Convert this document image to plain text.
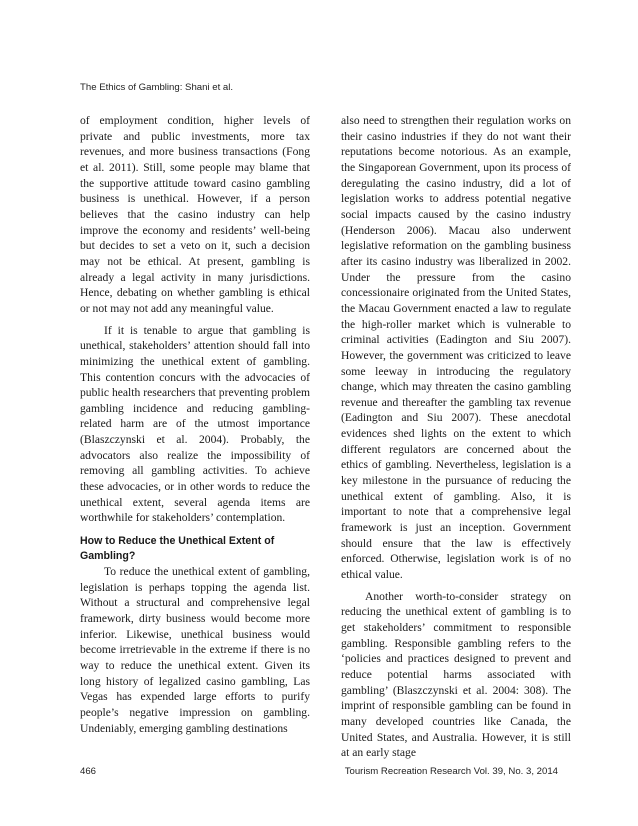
The Ethics of Gambling: Shani et al.

of employment condition, higher levels of private and public investments, more tax revenues, and more business transactions (Fong et al. 2011). Still, some people may blame that the supportive attitude toward casino gambling business is unethical. However, if a person believes that the casino industry can help improve the economy and residents’ well-being but decides to set a veto on it, such a decision may not be ethical. At present, gambling is already a legal activity in many jurisdictions. Hence, debating on whether gambling is ethical or not may not add any meaningful value.

If it is tenable to argue that gambling is unethical, stakeholders’ attention should fall into minimizing the unethical extent of gambling. This contention concurs with the advocacies of public health researchers that preventing problem gambling incidence and reducing gambling-related harm are of the utmost importance (Blaszczynski et al. 2004). Probably, the advocators also realize the impossibility of removing all gambling activities. To achieve these advocacies, or in other words to reduce the unethical extent, several agenda items are worthwhile for stakeholders’ contemplation.

How to Reduce the Unethical Extent of Gambling?

To reduce the unethical extent of gambling, legislation is perhaps topping the agenda list. Without a structural and comprehensive legal framework, dirty business would become more inferior. Likewise, unethical business would become irretrievable in the extreme if there is no way to reduce the unethical extent. Given its long history of legalized casino gambling, Las Vegas has expended large efforts to purify people’s negative impression on gambling. Undeniably, emerging gambling destinations

also need to strengthen their regulation works on their casino industries if they do not want their reputations become notorious. As an example, the Singaporean Government, upon its process of deregulating the casino industry, did a lot of legislation works to address potential negative social impacts caused by the casino industry (Henderson 2006). Macau also underwent legislative reformation on the gambling business after its casino industry was liberalized in 2002. Under the pressure from the casino concessionaire originated from the United States, the Macau Government enacted a law to regulate the high-roller market which is vulnerable to criminal activities (Eadington and Siu 2007). However, the government was criticized to leave some leeway in introducing the regulatory change, which may threaten the casino gambling revenue and thereafter the gambling tax revenue (Eadington and Siu 2007). These anecdotal evidences shed lights on the extent to which different regulators are concerned about the ethics of gambling. Nevertheless, legislation is a key milestone in the pursuance of reducing the unethical extent of gambling. Also, it is important to note that a comprehensive legal framework is just an inception. Government should ensure that the law is effectively enforced. Otherwise, legislation work is of no ethical value.

Another worth-to-consider strategy on reducing the unethical extent of gambling is to get stakeholders’ commitment to responsible gambling. Responsible gambling refers to the ‘policies and practices designed to prevent and reduce potential harms associated with gambling’ (Blaszczynski et al. 2004: 308). The imprint of responsible gambling can be found in many developed countries like Canada, the United States, and Australia. However, it is still at an early stage

466	Tourism Recreation Research Vol. 39, No. 3, 2014
